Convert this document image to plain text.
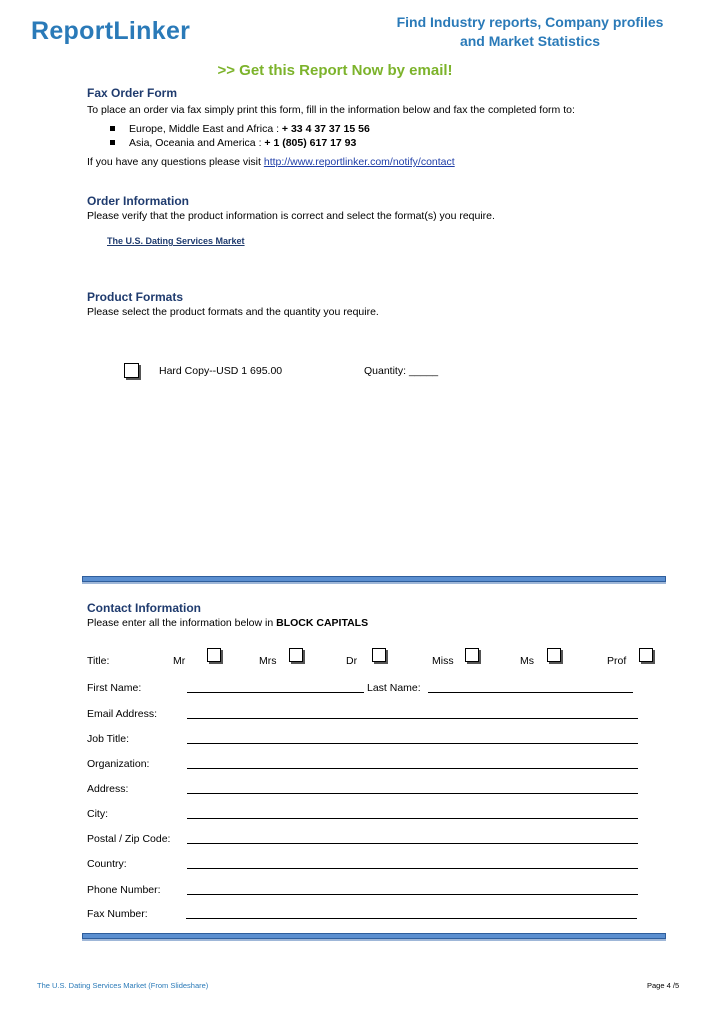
ReportLinker	Find Industry reports, Company profiles
and Market Statistics
>> Get this Report Now by email!
Fax Order Form
To place an order via fax simply print this form, fill in the information below and fax the completed form to:
Europe, Middle East and Africa : + 33 4 37 37 15 56
Asia, Oceania and America : + 1 (805) 617 17 93
If you have any questions please visit http://www.reportlinker.com/notify/contact
Order Information
Please verify that the product information is correct and select the format(s) you require.
The U.S. Dating Services Market
Product Formats
Please select the product formats and the quantity you require.
Hard Copy--USD 1 695.00	Quantity: _____
Contact Information
Please enter all the information below in BLOCK CAPITALS
Title:	Mr	Mrs	Dr	Miss	Ms	Prof
First Name:	Last Name:
Email Address:
Job Title:
Organization:
Address:
City:
Postal / Zip Code:
Country:
Phone Number:
Fax Number:
The U.S. Dating Services Market (From Slideshare)	Page 4 /5
